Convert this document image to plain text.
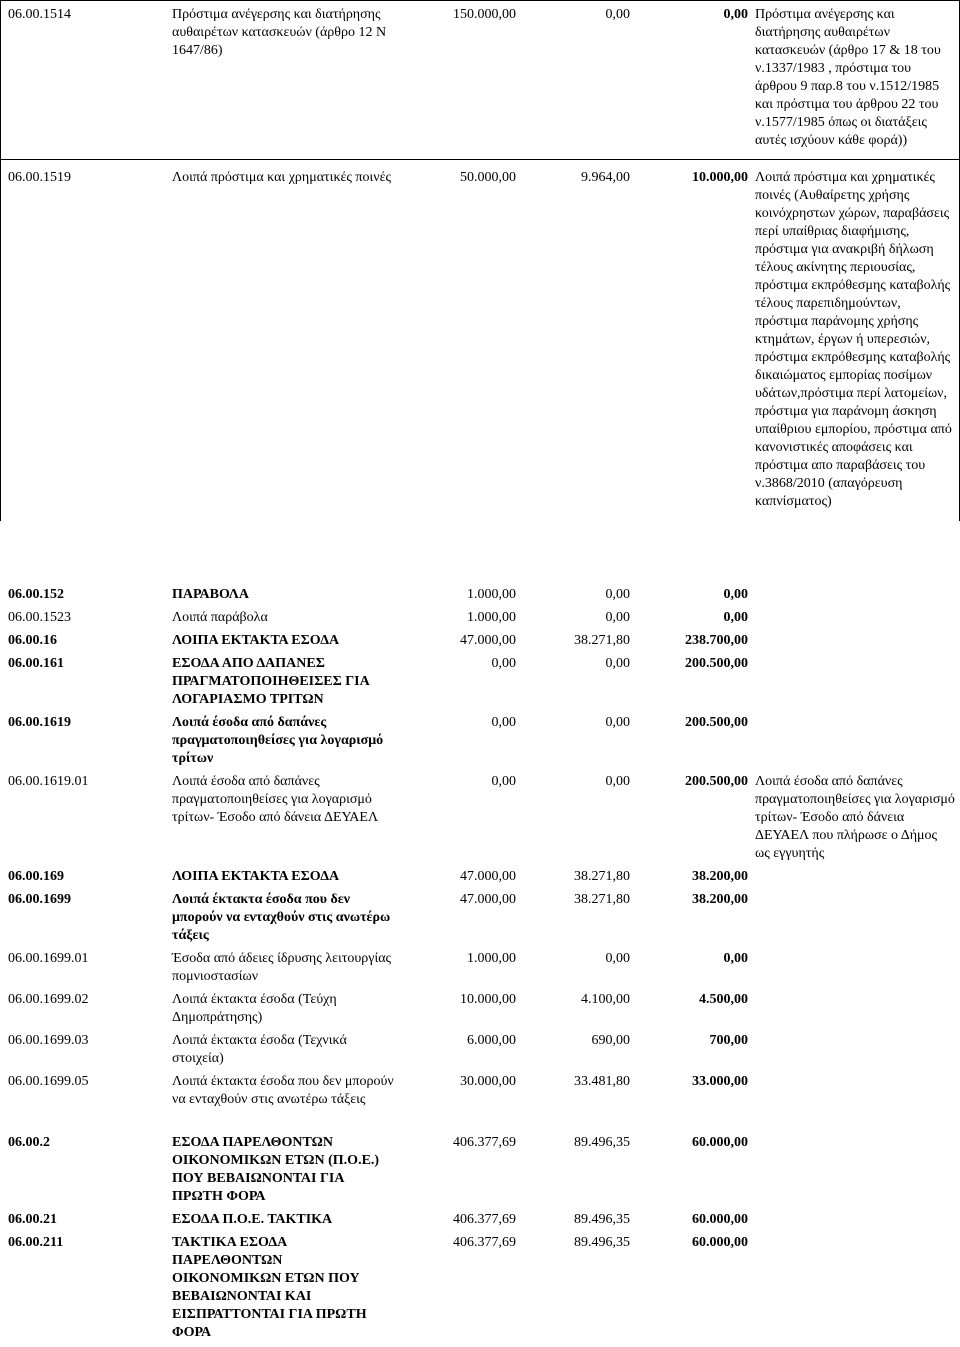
06.00.1514	Πρόστιμα ανέγερσης και διατήρησης
αυθαιρέτων κατασκευών (άρθρο 12 Ν
1647/86)
150.000,00	0,00	0,00 Πρόστιμα ανέγερσης και
διατήρησης αυθαιρέτων
κατασκευών (άρθρο 17 & 18 του
ν.1337/1983 , πρόστιμα του
άρθρου 9 παρ.8 του ν.1512/1985
και πρόστιμα του άρθρου 22 του
ν.1577/1985 όπως οι διατάξεις
αυτές ισχύουν κάθε φορά))
06.00.1519	Λοιπά πρόστιμα και χρηματικές ποινές	50.000,00	9.964,00	10.000,00 Λοιπά πρόστιμα και χρηματικές
ποινές (Αυθαίρετης χρήσης
κοινόχρηστων χώρων, παραβάσεις
περί υπαίθριας διαφήμισης,
πρόστιμα για ανακριβή δήλωση
τέλους ακίνητης περιουσίας,
πρόστιμα εκπρόθεσμης καταβολής
τέλους παρεπιδημούντων,
πρόστιμα παράνομης χρήσης
κτημάτων, έργων ή υπερεσιών,
πρόστιμα εκπρόθεσμης καταβολής
δικαιώματος εμπορίας ποσίμων
υδάτων,πρόστιμα περί λατομείων,
πρόστιμα για παράνομη άσκηση
υπαίθριου εμπορίου, πρόστιμα από
κανονιστικές αποφάσεις και
πρόστιμα απο παραβάσεις του
ν.3868/2010 (απαγόρευση
καπνίσματος)
06.00.152	ΠΑΡΑΒΟΛΑ	1.000,00	0,00	0,00
06.00.1523	Λοιπά παράβολα	1.000,00	0,00	0,00
06.00.16	ΛΟΙΠΑ ΕΚΤΑΚΤΑ ΕΣΟΔΑ	47.000,00	38.271,80	238.700,00
06.00.161	ΕΣΟΔΑ ΑΠΟ ΔΑΠΑΝΕΣ
ΠΡΑΓΜΑΤΟΠΟΙΗΘΕΙΣΕΣ ΓΙΑ
ΛΟΓΑΡΙΑΣΜΟ ΤΡΙΤΩΝ
0,00	0,00	200.500,00
06.00.1619	Λοιπά έσοδα από δαπάνες
πραγματοποιηθείσες για λογαρισμό
τρίτων
0,00	0,00	200.500,00
06.00.1619.01	Λοιπά έσοδα από δαπάνες
πραγματοποιηθείσες για λογαρισμό
τρίτων- Έσοδο από δάνεια ΔΕΥΑΕΛ
0,00	0,00	200.500,00 Λοιπά έσοδα από δαπάνες
πραγματοποιηθείσες για λογαρισμό
τρίτων- Έσοδο από δάνεια
ΔΕΥΑΕΛ που πλήρωσε ο Δήμος
ως εγγυητής
06.00.169	ΛΟΙΠΑ ΕΚΤΑΚΤΑ ΕΣΟΔΑ	47.000,00	38.271,80	38.200,00
06.00.1699	Λοιπά έκτακτα έσοδα που δεν
μπορούν να ενταχθούν στις ανωτέρω
τάξεις
47.000,00	38.271,80	38.200,00
06.00.1699.01	Έσοδα από άδειες ίδρυσης λειτουργίας
πομνιοστασίων
1.000,00	0,00	0,00
06.00.1699.02	Λοιπά έκτακτα έσοδα (Τεύχη
Δημοπράτησης)
10.000,00	4.100,00	4.500,00
06.00.1699.03	Λοιπά έκτακτα έσοδα (Τεχνικά
στοιχεία)
6.000,00	690,00	700,00
06.00.1699.05	Λοιπά έκτακτα έσοδα που δεν μπορούν
να ενταχθούν στις ανωτέρω τάξεις
30.000,00	33.481,80	33.000,00
06.00.2	ΕΣΟΔΑ ΠΑΡΕΛΘΟΝΤΩΝ
ΟΙΚΟΝΟΜΙΚΩΝ ΕΤΩΝ (Π.Ο.Ε.)
ΠΟΥ ΒΕΒΑΙΩΝΟΝΤΑΙ ΓΙΑ
ΠΡΩΤΗ ΦΟΡΑ
406.377,69	89.496,35	60.000,00
06.00.21	ΕΣΟΔΑ Π.Ο.Ε. ΤΑΚΤΙΚΑ	406.377,69	89.496,35	60.000,00
06.00.211	ΤΑΚΤΙΚΑ ΕΣΟΔΑ
ΠΑΡΕΛΘΟΝΤΩΝ
ΟΙΚΟΝΟΜΙΚΩΝ ΕΤΩΝ ΠΟΥ
ΒΕΒΑΙΩΝΟΝΤΑΙ ΚΑΙ
ΕΙΣΠΡΑΤΤΟΝΤΑΙ ΓΙΑ ΠΡΩΤΗ
ΦΟΡΑ
406.377,69	89.496,35	60.000,00
